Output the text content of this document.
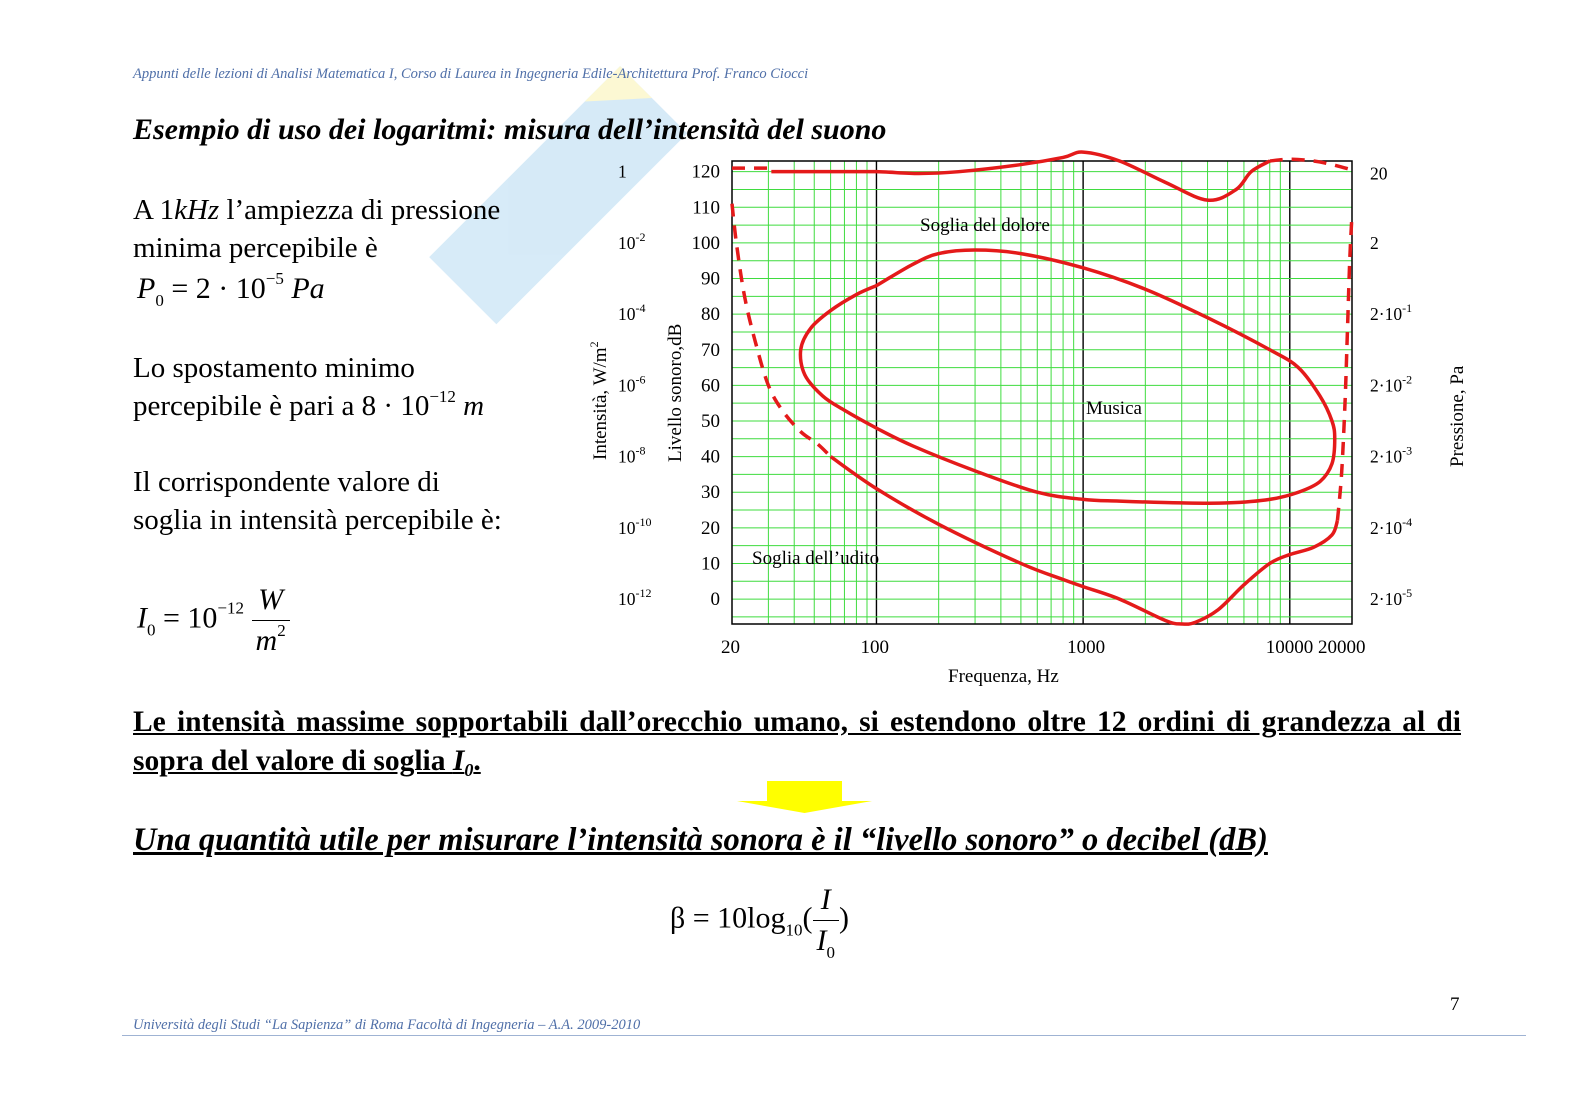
Appunti delle lezioni di Analisi Matematica I, Corso di Laurea in Ingegneria Edile-Architettura Prof. Franco Ciocci
Esempio di uso dei logaritmi: misura dell’intensità del suono
A 1kHz l’ampiezza di pressione
minima percepibile è
$P_0 = 2 \cdot 10^{-5}$ Pa
Lo spostamento minimo
percepibile è pari a $8 \cdot 10^{-12}$ m
Il corrispondente valore di
soglia in intensità percepibile è:
$I_0 = 10^{-12} \frac{W}{m^2}$
Soglia del dolore
Musica
Soglia dell’udito
Frequenza, Hz
Intensità, $W/m^2$	Livello sonoro,dB	Pressione, Pa
20	100	1000	10000 20000
120
110
100
90
80
70
60
50
40
30
20
10
0
1
$10^{-2}$
$10^{-4}$
$10^{-6}$
$10^{-8}$
$10^{-10}$
$10^{-12}$
20
2
$2\cdot 10^{-1}$
$2\cdot 10^{-2}$
$2\cdot 10^{-3}$
$2\cdot 10^{-4}$
$2\cdot 10^{-5}$
Le intensità massime sopportabili dall’orecchio umano, si estendono oltre 12 ordini di grandezza al di sopra del valore di soglia $I_0$.
Una quantità utile per misurare l’intensità sonora è il “livello sonoro” o decibel (dB)
$\beta = 10\log_{10}( \frac{I}{I_0}$ )
7
Università degli Studi “La Sapienza” di Roma Facoltà di Ingegneria – A.A. 2009-2010
